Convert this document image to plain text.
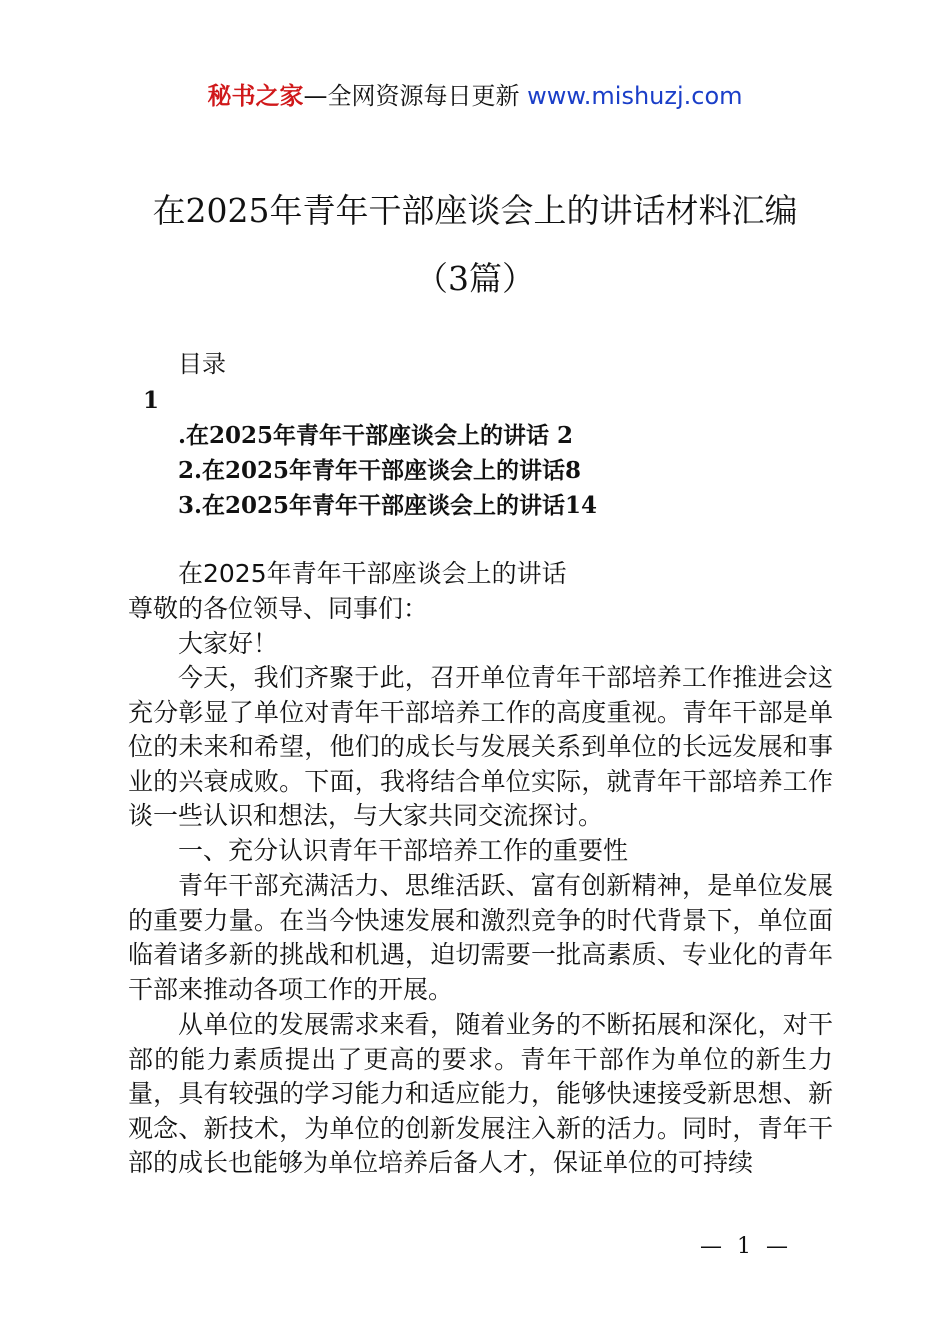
秘书之家—全网资源每日更新 www.mishuzj.com
在2025年青年干部座谈会上的讲话材料汇编
（3篇）
目录
1
.在2025年青年干部座谈会上的讲话 2
2.在2025年青年干部座谈会上的讲话8
3.在2025年青年干部座谈会上的讲话14
在2025年青年干部座谈会上的讲话
尊敬的各位领导、同事们：
大家好！

今天，我们齐聚于此，召开单位青年干部培养工作推进会这充分彰显了单位对青年干部培养工作的高度重视。青年干部是单位的未来和希望，他们的成长与发展关系到单位的长远发展和事业的兴衰成败。下面，我将结合单位实际，就青年干部培养工作谈一些认识和想法，与大家共同交流探讨。

一、充分认识青年干部培养工作的重要性

青年干部充满活力、思维活跃、富有创新精神，是单位发展的重要力量。在当今快速发展和激烈竞争的时代背景下，单位面临着诸多新的挑战和机遇，迫切需要一批高素质、专业化的青年干部来推动各项工作的开展。

从单位的发展需求来看，随着业务的不断拓展和深化，对干部的能力素质提出了更高的要求。青年干部作为单位的新生力量，具有较强的学习能力和适应能力，能够快速接受新思想、新观念、新技术，为单位的创新发展注入新的活力。同时，青年干部的成长也能够为单位培养后备人才，保证单位的可持续

— 1 —
